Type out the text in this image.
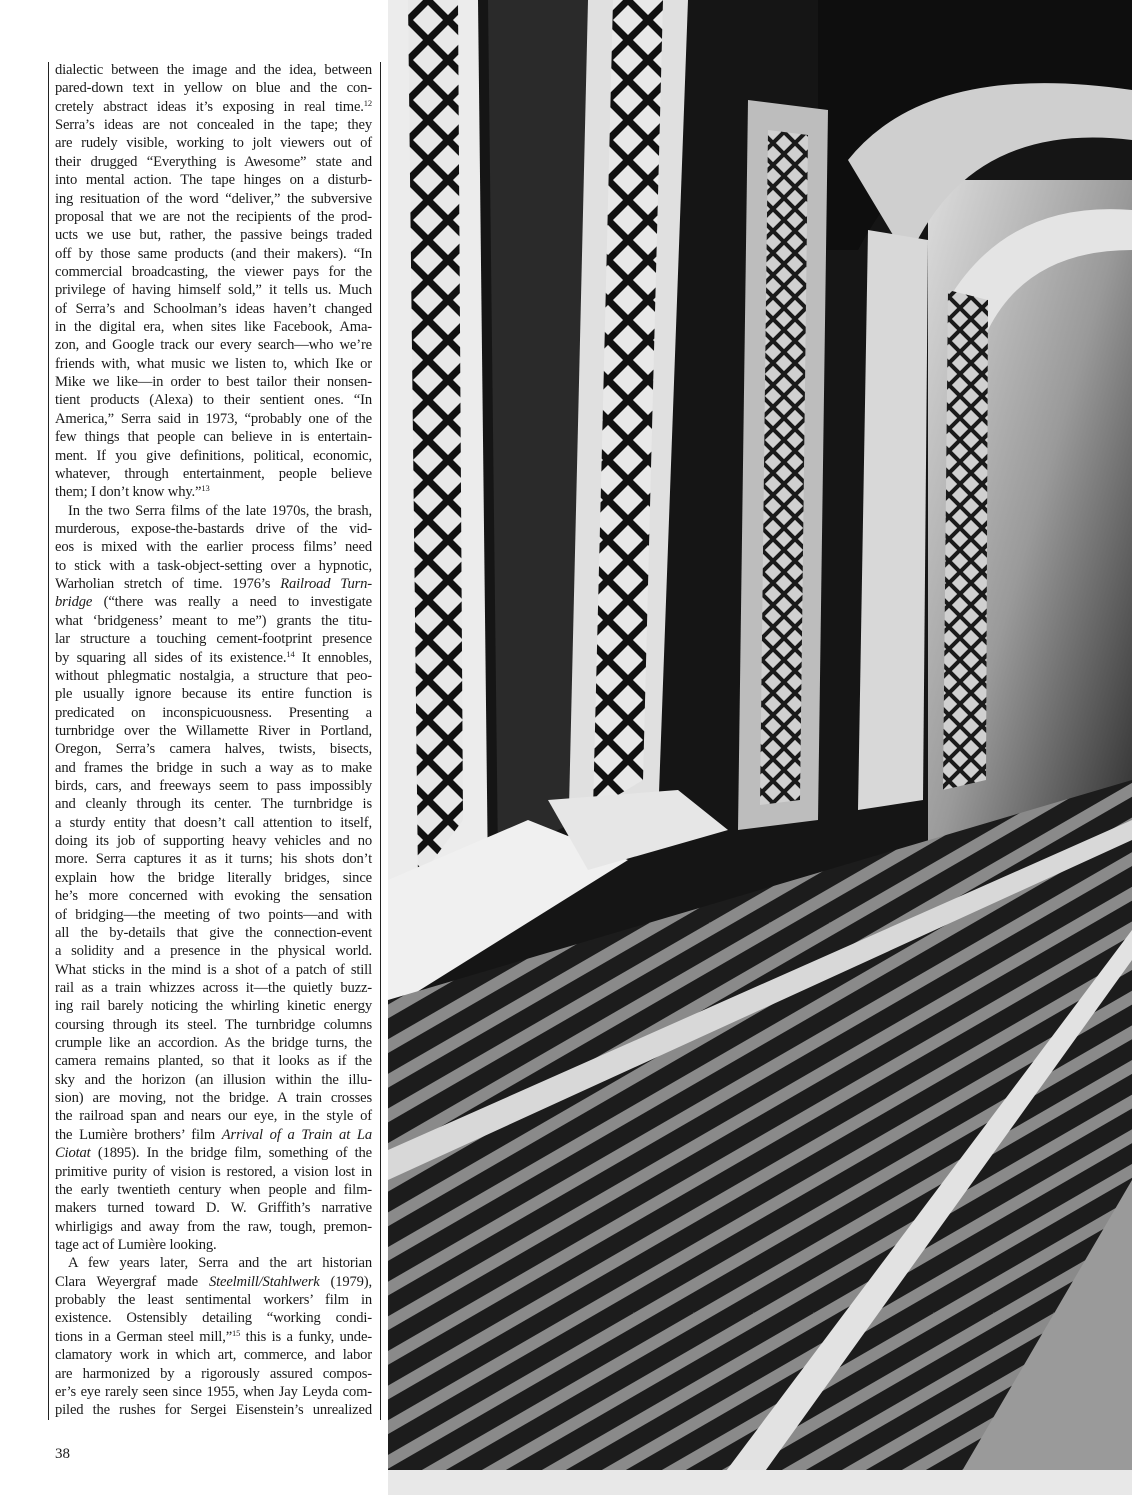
dialectic between the image and the idea, between
pared-down text in yellow on blue and the con-
cretely abstract ideas it’s exposing in real time.$^{12}$
Serra’s ideas are not concealed in the tape; they
are rudely visible, working to jolt viewers out of
their drugged “Everything is Awesome” state and
into mental action. The tape hinges on a disturb-
ing resituation of the word “deliver,” the subversive
proposal that we are not the recipients of the prod-
ucts we use but, rather, the passive beings traded
off by those same products (and their makers). “In
commercial broadcasting, the viewer pays for the
privilege of having himself sold,” it tells us. Much
of Serra’s and Schoolman’s ideas haven’t changed
in the digital era, when sites like Facebook, Ama-
zon, and Google track our every search—who we’re
friends with, what music we listen to, which Ike or
Mike we like—in order to best tailor their nonsen-
tient products (Alexa) to their sentient ones. “In
America,” Serra said in 1973, “probably one of the
few things that people can believe in is entertain-
ment. If you give definitions, political, economic,
whatever, through entertainment, people believe
them; I don’t know why.”$^{13}$
In the two Serra films of the late 1970s, the brash,
murderous, expose-the-bastards drive of the vid-
eos is mixed with the earlier process films’ need
to stick with a task-object-setting over a hypnotic,
Warholian stretch of time. 1976’s Railroad Turn-
bridge (“there was really a need to investigate
what ‘bridgeness’ meant to me”) grants the titu-
lar structure a touching cement-footprint presence
by squaring all sides of its existence.$^{14}$ It ennobles,
without phlegmatic nostalgia, a structure that peo-
ple usually ignore because its entire function is
predicated on inconspicuousness. Presenting a
turnbridge over the Willamette River in Portland,
Oregon, Serra’s camera halves, twists, bisects,
and frames the bridge in such a way as to make
birds, cars, and freeways seem to pass impossibly
and cleanly through its center. The turnbridge is
a sturdy entity that doesn’t call attention to itself,
doing its job of supporting heavy vehicles and no
more. Serra captures it as it turns; his shots don’t
explain how the bridge literally bridges, since
he’s more concerned with evoking the sensation
of bridging—the meeting of two points—and with
all the by-details that give the connection-event
a solidity and a presence in the physical world.
What sticks in the mind is a shot of a patch of still
rail as a train whizzes across it—the quietly buzz-
ing rail barely noticing the whirling kinetic energy
coursing through its steel. The turnbridge columns
crumple like an accordion. As the bridge turns, the
camera remains planted, so that it looks as if the
sky and the horizon (an illusion within the illu-
sion) are moving, not the bridge. A train crosses
the railroad span and nears our eye, in the style of
the Lumière brothers’ film Arrival of a Train at La
Ciotat (1895). In the bridge film, something of the
primitive purity of vision is restored, a vision lost in
the early twentieth century when people and film-
makers turned toward D. W. Griffith’s narrative
whirligigs and away from the raw, tough, premon-
tage act of Lumière looking.
A few years later, Serra and the art historian
Clara Weyergraf made Steelmill/Stahlwerk (1979),
probably the least sentimental workers’ film in
existence. Ostensibly detailing “working condi-
tions in a German steel mill,”$^{15}$ this is a funky, unde-
clamatory work in which art, commerce, and labor
are harmonized by a rigorously assured compos-
er’s eye rarely seen since 1955, when Jay Leyda com-
piled the rushes for Sergei Eisenstein’s unrealized
38
